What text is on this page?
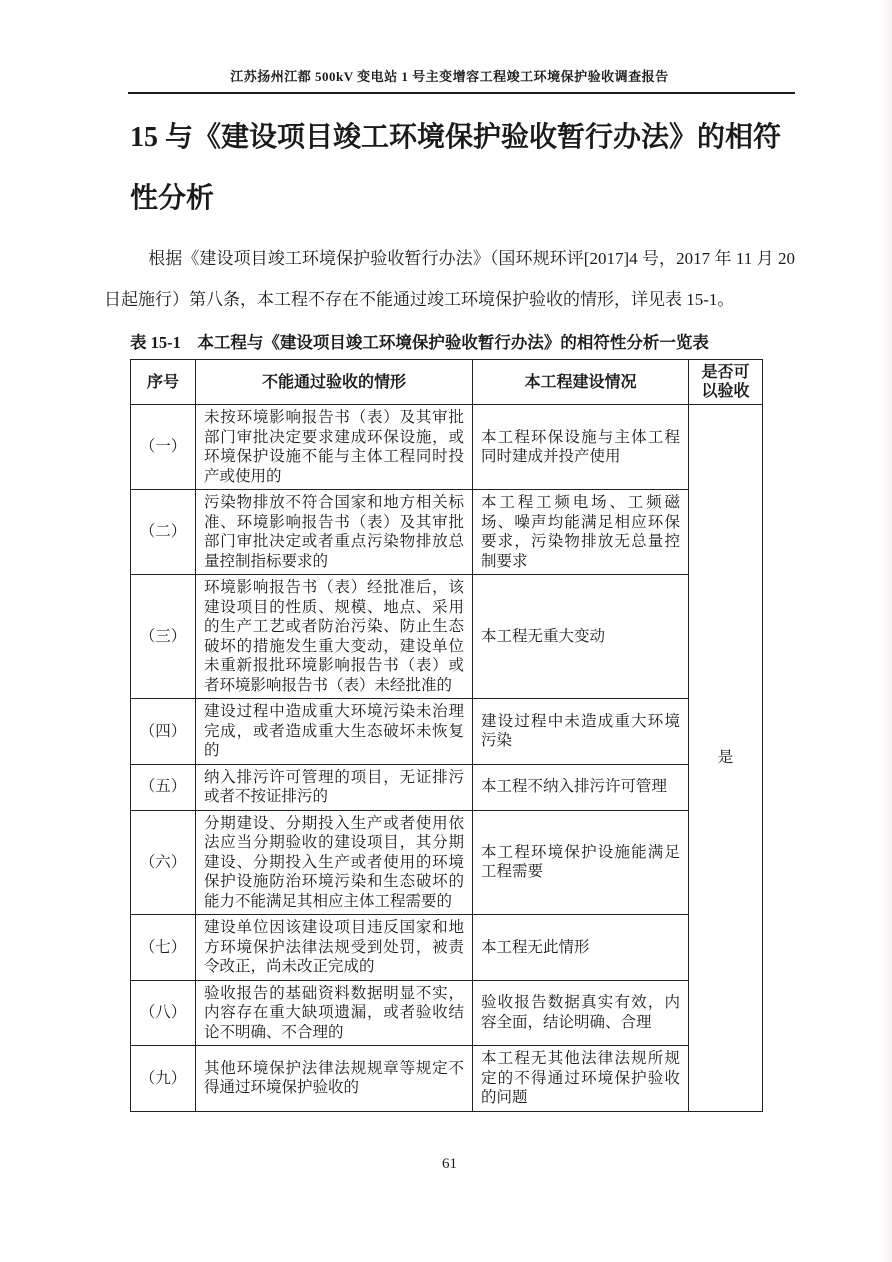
江苏扬州江都 500kV 变电站 1 号主变增容工程竣工环境保护验收调查报告
15 与《建设项目竣工环境保护验收暂行办法》的相符性分析

根据《建设项目竣工环境保护验收暂行办法》（国环规环评[2017]4 号，2017 年 11 月 20 日起施行）第八条，本工程不存在不能通过竣工环境保护验收的情形，详见表 15-1。

表 15-1　本工程与《建设项目竣工环境保护验收暂行办法》的相符性分析一览表
序号	不能通过验收的情形	本工程建设情况	是否可以验收
（一）	未按环境影响报告书（表）及其审批部门审批决定要求建成环保设施，或环境保护设施不能与主体工程同时投产或使用的	本工程环保设施与主体工程同时建成并投产使用	是
（二）	污染物排放不符合国家和地方相关标准、环境影响报告书（表）及其审批部门审批决定或者重点污染物排放总量控制指标要求的	本工程工频电场、工频磁场、噪声均能满足相应环保要求，污染物排放无总量控制要求	
（三）	环境影响报告书（表）经批准后，该建设项目的性质、规模、地点、采用的生产工艺或者防治污染、防止生态破坏的措施发生重大变动，建设单位未重新报批环境影响报告书（表）或者环境影响报告书（表）未经批准的	本工程无重大变动	
（四）	建设过程中造成重大环境污染未治理完成，或者造成重大生态破坏未恢复的	建设过程中未造成重大环境污染	
（五）	纳入排污许可管理的项目，无证排污或者不按证排污的	本工程不纳入排污许可管理	
（六）	分期建设、分期投入生产或者使用依法应当分期验收的建设项目，其分期建设、分期投入生产或者使用的环境保护设施防治环境污染和生态破坏的能力不能满足其相应主体工程需要的	本工程环境保护设施能满足工程需要	
（七）	建设单位因该建设项目违反国家和地方环境保护法律法规受到处罚，被责令改正，尚未改正完成的	本工程无此情形	
（八）	验收报告的基础资料数据明显不实，内容存在重大缺项遗漏，或者验收结论不明确、不合理的	验收报告数据真实有效，内容全面，结论明确、合理	
（九）	其他环境保护法律法规规章等规定不得通过环境保护验收的	本工程无其他法律法规所规定的不得通过环境保护验收的问题	
61
